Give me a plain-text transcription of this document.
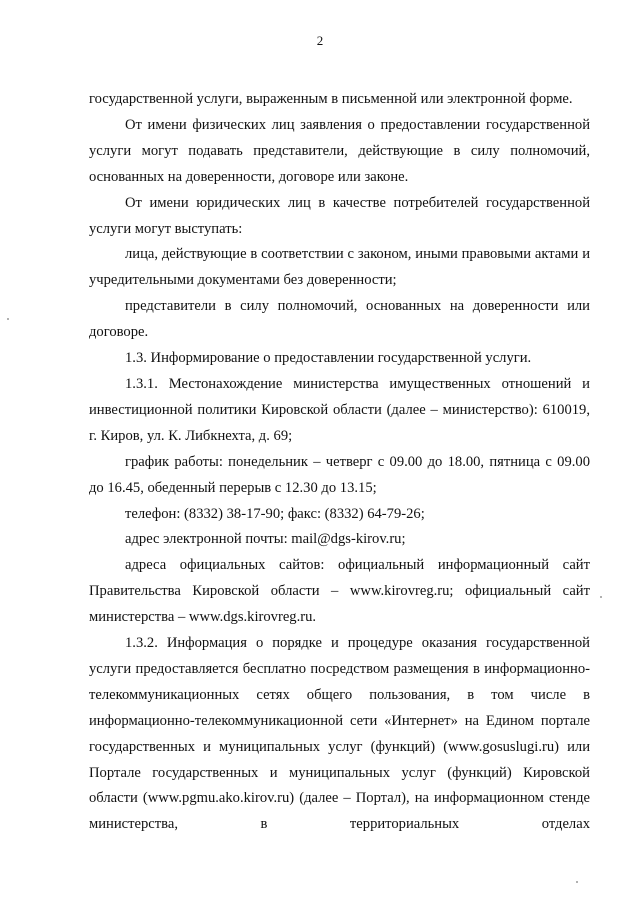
2

государственной услуги, выраженным в письменной или электронной форме.

От имени физических лиц заявления о предоставлении государственной услуги могут подавать представители, действующие в силу полномочий, основанных на доверенности, договоре или законе.

От имени юридических лиц в качестве потребителей государственной услуги могут выступать:

лица, действующие в соответствии с законом, иными правовыми актами и учредительными документами без доверенности;

представители в силу полномочий, основанных на доверенности или договоре.

1.3. Информирование о предоставлении государственной услуги.

1.3.1. Местонахождение министерства имущественных отношений и инвестиционной политики Кировской области (далее – министерство): 610019, г. Киров, ул. К. Либкнехта, д. 69;

график работы: понедельник – четверг с 09.00 до 18.00, пятница с 09.00 до 16.45, обеденный перерыв с 12.30 до 13.15;

телефон: (8332) 38-17-90; факс: (8332) 64-79-26;

адрес электронной почты: mail@dgs-kirov.ru;

адреса официальных сайтов: официальный информационный сайт Правительства Кировской области – www.kirovreg.ru; официальный сайт министерства – www.dgs.kirovreg.ru.

1.3.2. Информация о порядке и процедуре оказания государственной услуги предоставляется бесплатно посредством размещения в информационно-телекоммуникационных сетях общего пользования, в том числе в информационно-телекоммуникационной сети «Интернет» на Едином портале государственных и муниципальных услуг (функций) (www.gosuslugi.ru) или Портале государственных и муниципальных услуг (функций) Кировской области (www.pgmu.ako.kirov.ru) (далее – Портал), на информационном стенде министерства, в территориальных отделах
